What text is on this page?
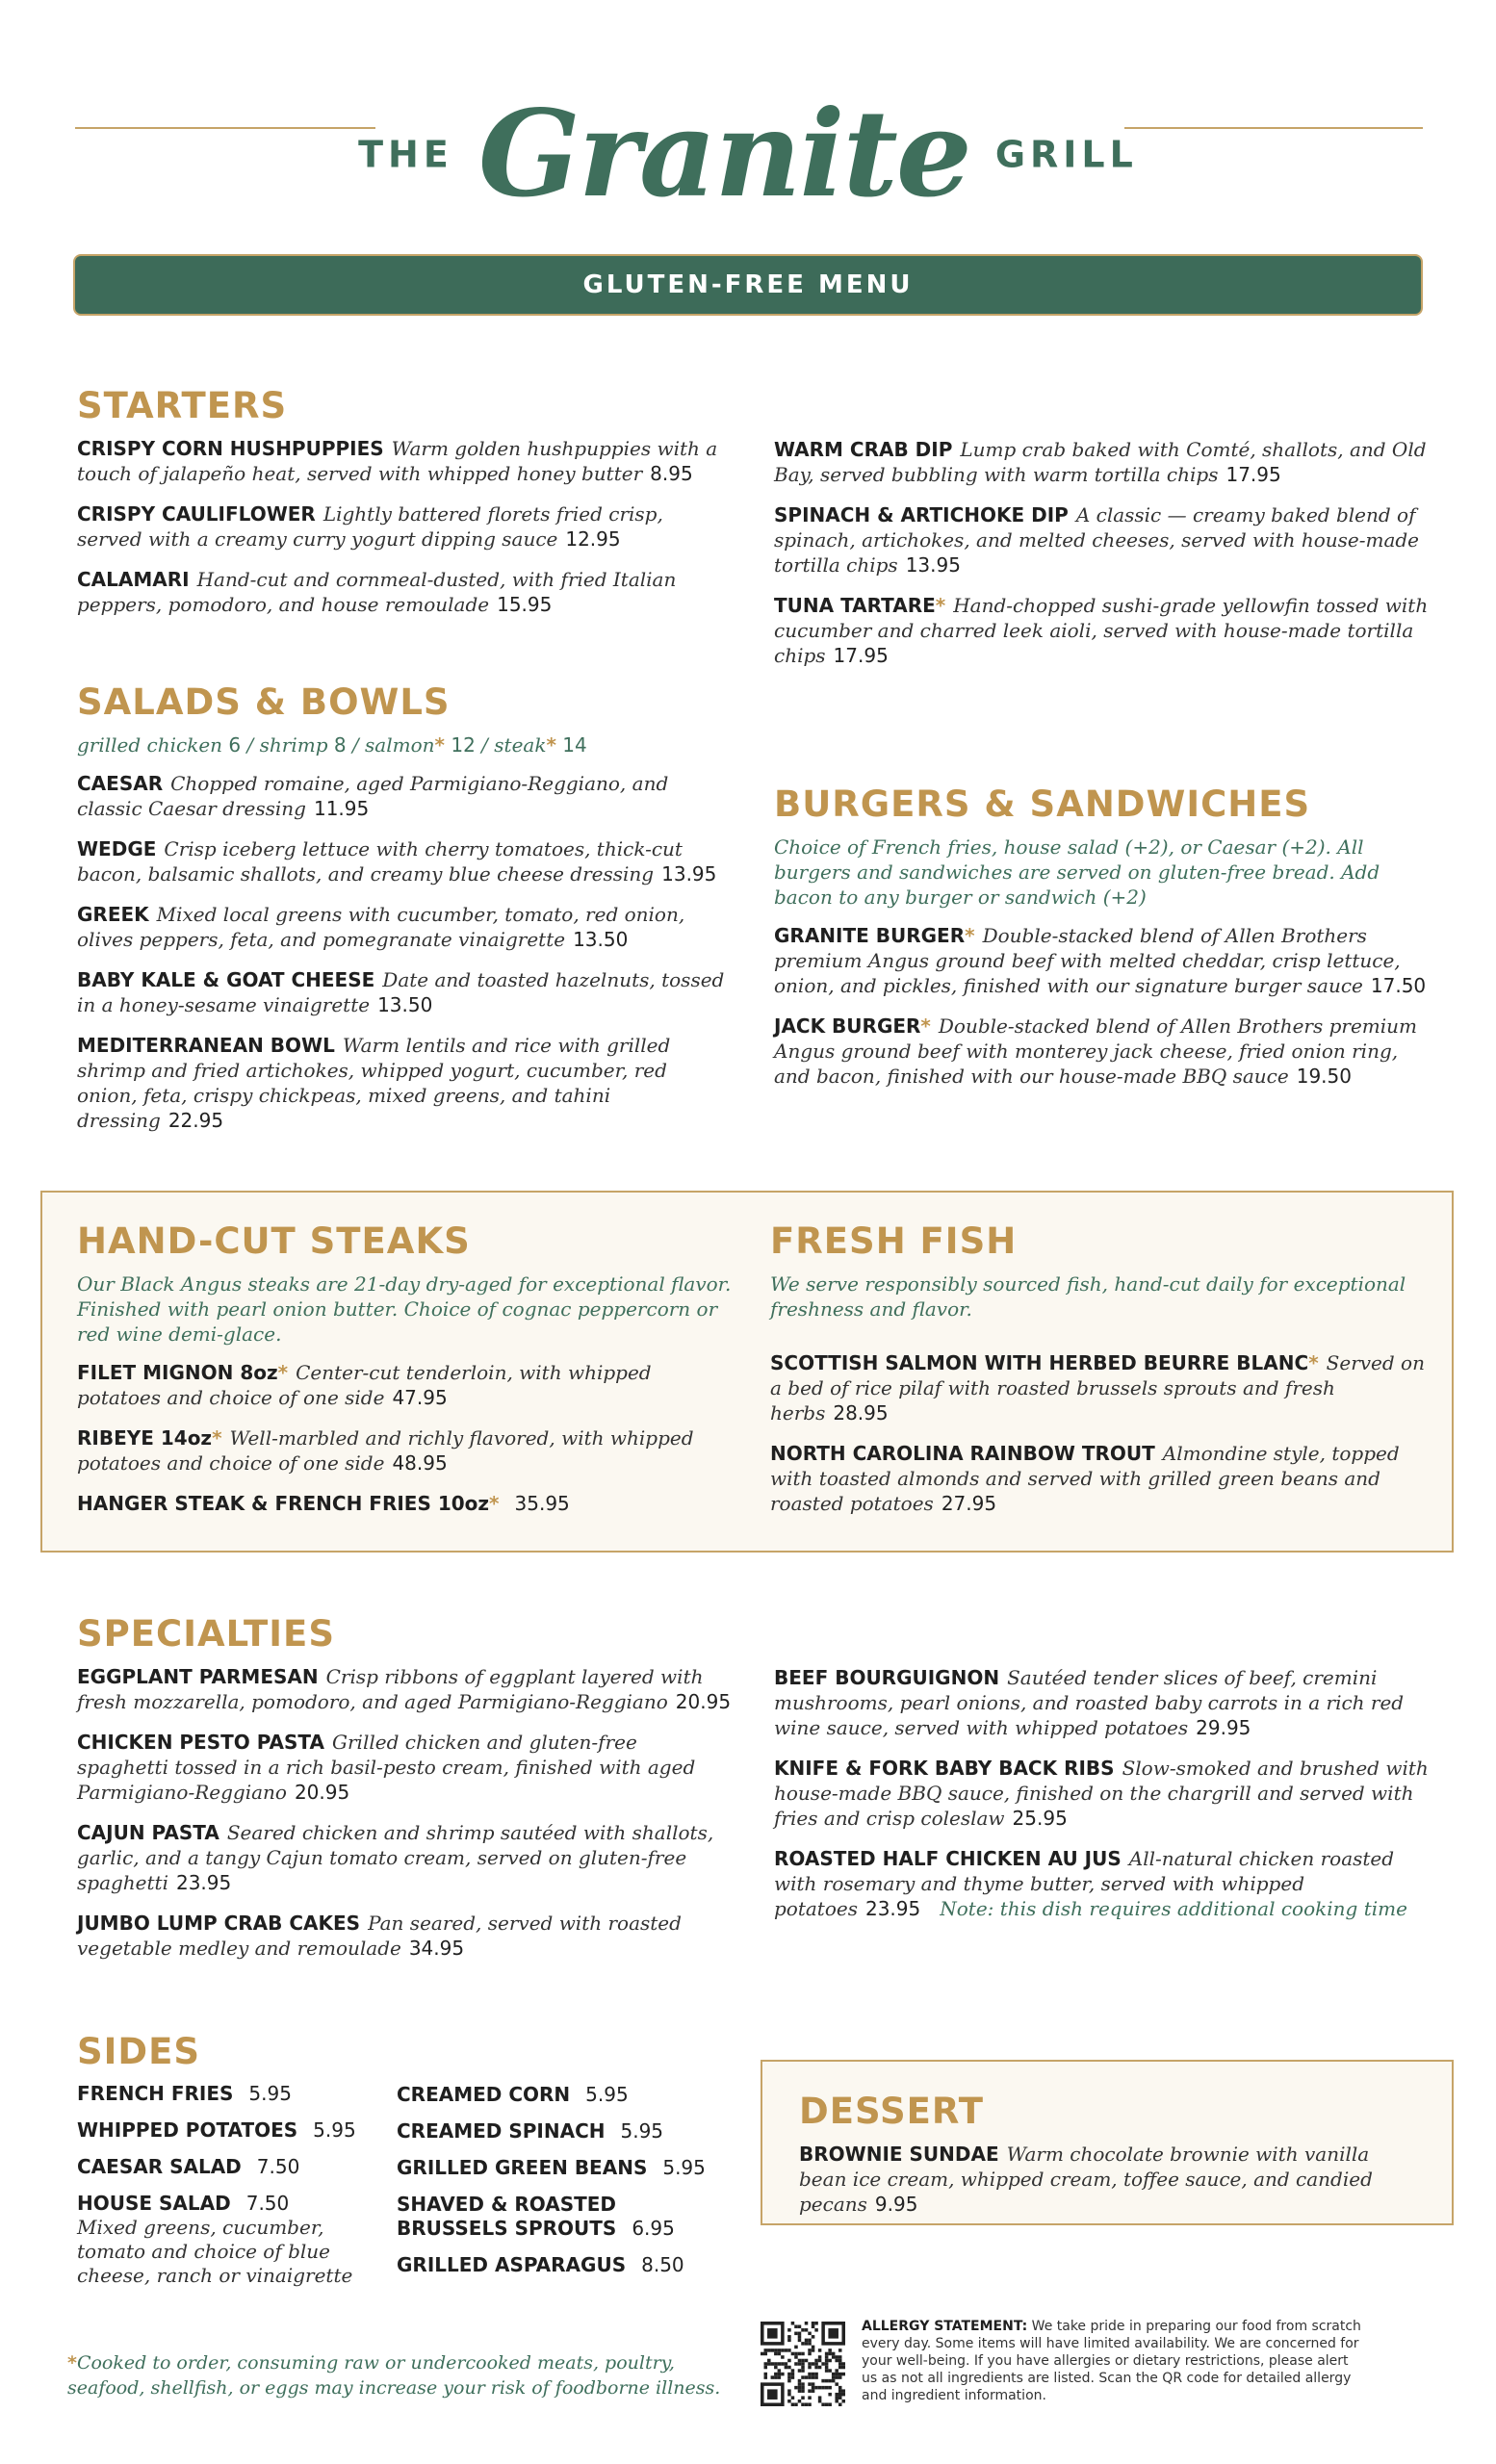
THE Granite GRILL
GLUTEN-FREE MENU
STARTERS
CRISPY CORN HUSHPUPPIES Warm golden hushpuppies with a touch of jalapeño heat, served with whipped honey butter 8.95
CRISPY CAULIFLOWER Lightly battered florets fried crisp, served with a creamy curry yogurt dipping sauce 12.95
CALAMARI Hand-cut and cornmeal-dusted, with fried Italian peppers, pomodoro, and house remoulade 15.95
WARM CRAB DIP Lump crab baked with Comté, shallots, and Old Bay, served bubbling with warm tortilla chips 17.95
SPINACH & ARTICHOKE DIP A classic — creamy baked blend of spinach, artichokes, and melted cheeses, served with house-made tortilla chips 13.95
TUNA TARTARE* Hand-chopped sushi-grade yellowfin tossed with cucumber and charred leek aioli, served with house-made tortilla chips 17.95
SALADS & BOWLS
grilled chicken 6 / shrimp 8 / salmon* 12 / steak* 14
CAESAR Chopped romaine, aged Parmigiano-Reggiano, and classic Caesar dressing 11.95
WEDGE Crisp iceberg lettuce with cherry tomatoes, thick-cut bacon, balsamic shallots, and creamy blue cheese dressing 13.95
GREEK Mixed local greens with cucumber, tomato, red onion, olives peppers, feta, and pomegranate vinaigrette 13.50
BABY KALE & GOAT CHEESE Date and toasted hazelnuts, tossed in a honey-sesame vinaigrette 13.50
MEDITERRANEAN BOWL Warm lentils and rice with grilled shrimp and fried artichokes, whipped yogurt, cucumber, red onion, feta, crispy chickpeas, mixed greens, and tahini dressing 22.95
BURGERS & SANDWICHES
Choice of French fries, house salad (+2), or Caesar (+2). All burgers and sandwiches are served on gluten-free bread. Add bacon to any burger or sandwich (+2)
GRANITE BURGER* Double-stacked blend of Allen Brothers premium Angus ground beef with melted cheddar, crisp lettuce, onion, and pickles, finished with our signature burger sauce 17.50
JACK BURGER* Double-stacked blend of Allen Brothers premium Angus ground beef with monterey jack cheese, fried onion ring, and bacon, finished with our house-made BBQ sauce 19.50
HAND-CUT STEAKS
Our Black Angus steaks are 21-day dry-aged for exceptional flavor. Finished with pearl onion butter. Choice of cognac peppercorn or red wine demi-glace.
FILET MIGNON 8oz* Center-cut tenderloin, with whipped potatoes and choice of one side 47.95
RIBEYE 14oz* Well-marbled and richly flavored, with whipped potatoes and choice of one side 48.95
HANGER STEAK & FRENCH FRIES 10oz* 35.95
FRESH FISH
We serve responsibly sourced fish, hand-cut daily for exceptional freshness and flavor.
SCOTTISH SALMON WITH HERBED BEURRE BLANC* Served on a bed of rice pilaf with roasted brussels sprouts and fresh herbs 28.95
NORTH CAROLINA RAINBOW TROUT Almondine style, topped with toasted almonds and served with grilled green beans and roasted potatoes 27.95
SPECIALTIES
EGGPLANT PARMESAN Crisp ribbons of eggplant layered with fresh mozzarella, pomodoro, and aged Parmigiano-Reggiano 20.95
CHICKEN PESTO PASTA Grilled chicken and gluten-free spaghetti tossed in a rich basil-pesto cream, finished with aged Parmigiano-Reggiano 20.95
CAJUN PASTA Seared chicken and shrimp sautéed with shallots, garlic, and a tangy Cajun tomato cream, served on gluten-free spaghetti 23.95
JUMBO LUMP CRAB CAKES Pan seared, served with roasted vegetable medley and remoulade 34.95
BEEF BOURGUIGNON Sautéed tender slices of beef, cremini mushrooms, pearl onions, and roasted baby carrots in a rich red wine sauce, served with whipped potatoes 29.95
KNIFE & FORK BABY BACK RIBS Slow-smoked and brushed with house-made BBQ sauce, finished on the chargrill and served with fries and crisp coleslaw 25.95
ROASTED HALF CHICKEN AU JUS All-natural chicken roasted with rosemary and thyme butter, served with whipped potatoes 23.95 Note: this dish requires additional cooking time
SIDES
FRENCH FRIES 5.95
WHIPPED POTATOES 5.95
CAESAR SALAD 7.50
HOUSE SALAD 7.50
Mixed greens, cucumber, tomato and choice of blue cheese, ranch or vinaigrette
CREAMED CORN 5.95
CREAMED SPINACH 5.95
GRILLED GREEN BEANS 5.95
SHAVED & ROASTED BRUSSELS SPROUTS 6.95
GRILLED ASPARAGUS 8.50
DESSERT
BROWNIE SUNDAE Warm chocolate brownie with vanilla bean ice cream, whipped cream, toffee sauce, and candied pecans 9.95
ALLERGY STATEMENT: We take pride in preparing our food from scratch every day. Some items will have limited availability. We are concerned for your well-being. If you have allergies or dietary restrictions, please alert us as not all ingredients are listed. Scan the QR code for detailed allergy and ingredient information.
*Cooked to order, consuming raw or undercooked meats, poultry, seafood, shellfish, or eggs may increase your risk of foodborne illness.
